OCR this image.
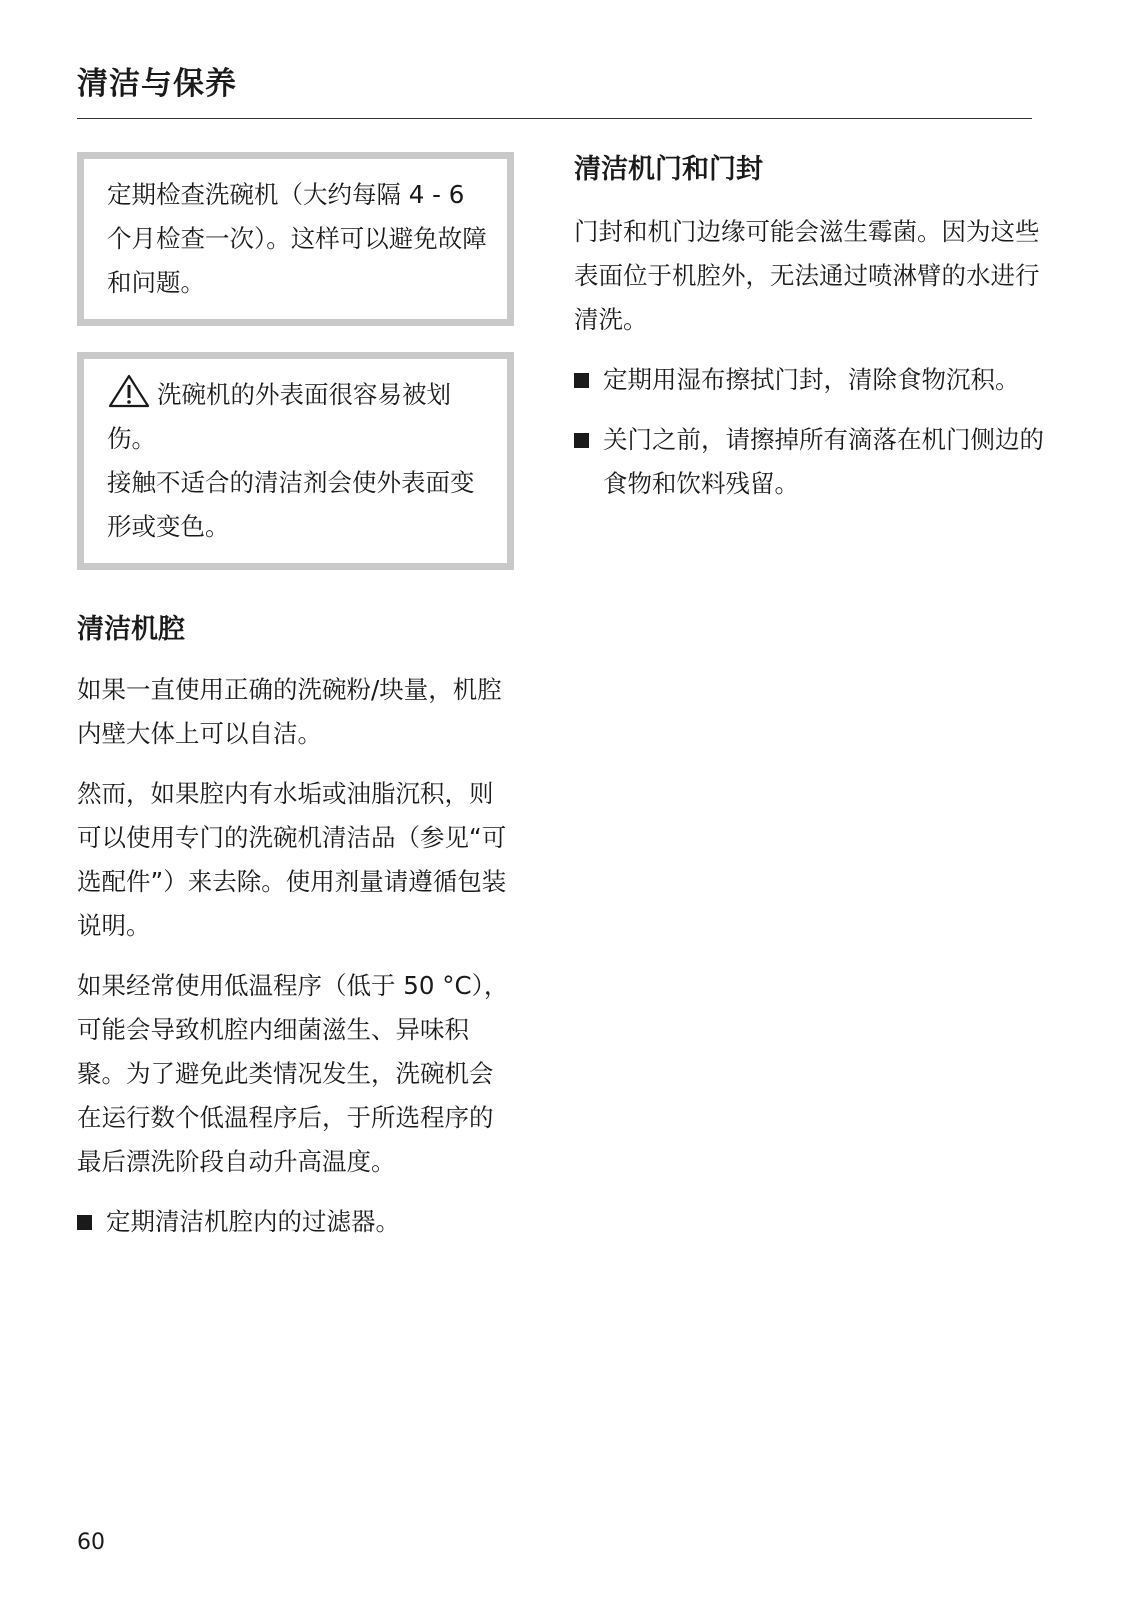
清洁与保养

定期检查洗碗机（大约每隔 4 - 6 个月检查一次）。这样可以避免故障和问题。

洗碗机的外表面很容易被划伤。

接触不适合的清洁剂会使外表面变形或变色。

清洁机腔

如果一直使用正确的洗碗粉/块量，机腔内壁大体上可以自洁。

然而，如果腔内有水垢或油脂沉积，则可以使用专门的洗碗机清洁品（参见“可选配件”）来去除。使用剂量请遵循包装说明。

如果经常使用低温程序（低于 50 °C），可能会导致机腔内细菌滋生、异味积聚。为了避免此类情况发生，洗碗机会在运行数个低温程序后，于所选程序的最后漂洗阶段自动升高温度。

定期清洁机腔内的过滤器。
清洁机门和门封

门封和机门边缘可能会滋生霉菌。因为这些表面位于机腔外，无法通过喷淋臂的水进行清洗。

定期用湿布擦拭门封，清除食物沉积。
关门之前，请擦掉所有滴落在机门侧边的食物和饮料残留。
60
